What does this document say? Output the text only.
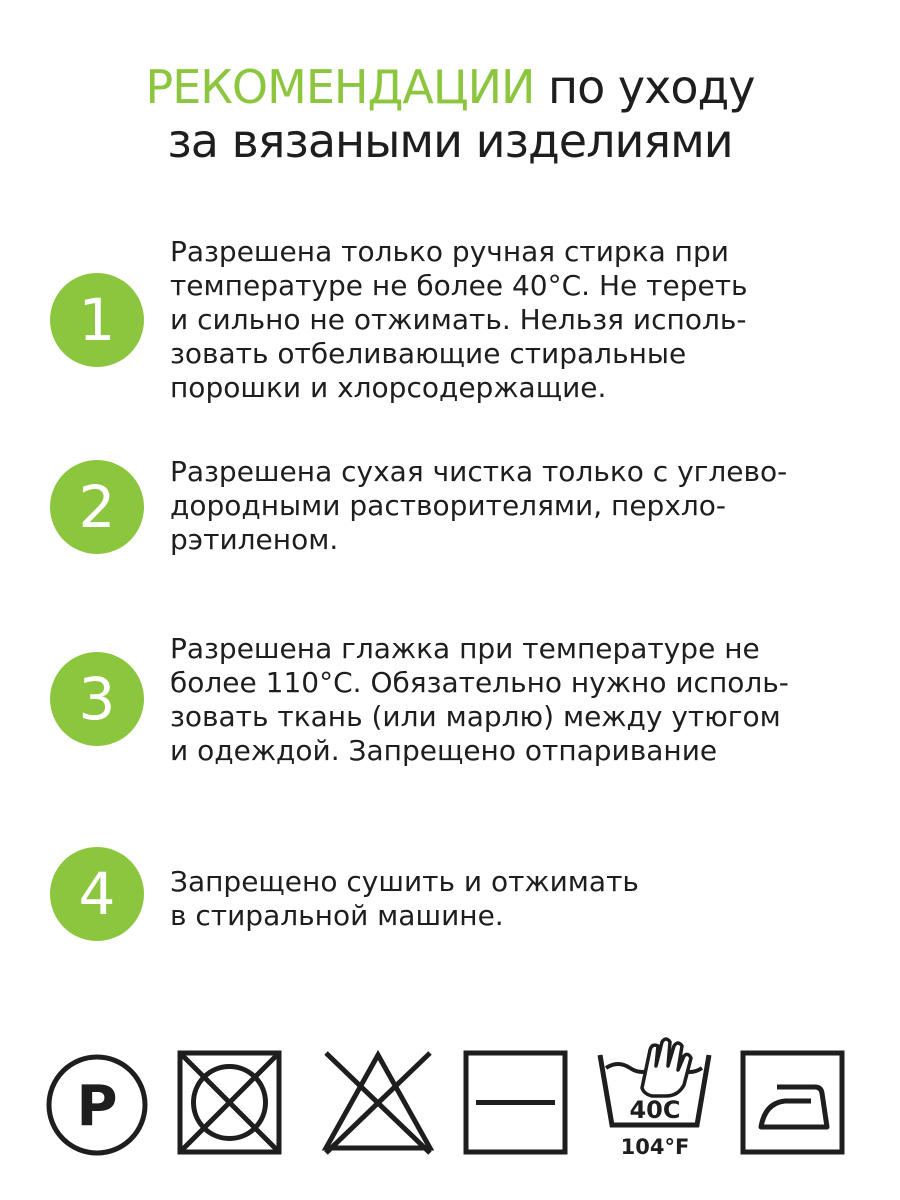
РЕКОМЕНДАЦИИ по уходу
за вязаными изделиями
1
Разрешена только ручная стирка при
температуре не более 40°C. Не тереть
и сильно не отжимать. Нельзя исполь-
зовать отбеливающие стиральные
порошки и хлорсодержащие.
2
Разрешена сухая чистка только с углево-
дородными растворителями, перхло-
рэтиленом.
3
Разрешена глажка при температуре не
более 110°C. Обязательно нужно исполь-
зовать ткань (или марлю) между утюгом
и одеждой. Запрещено отпаривание
4	Запрещено сушить и отжимать
в стиральной машине.
P	40C
104°F
